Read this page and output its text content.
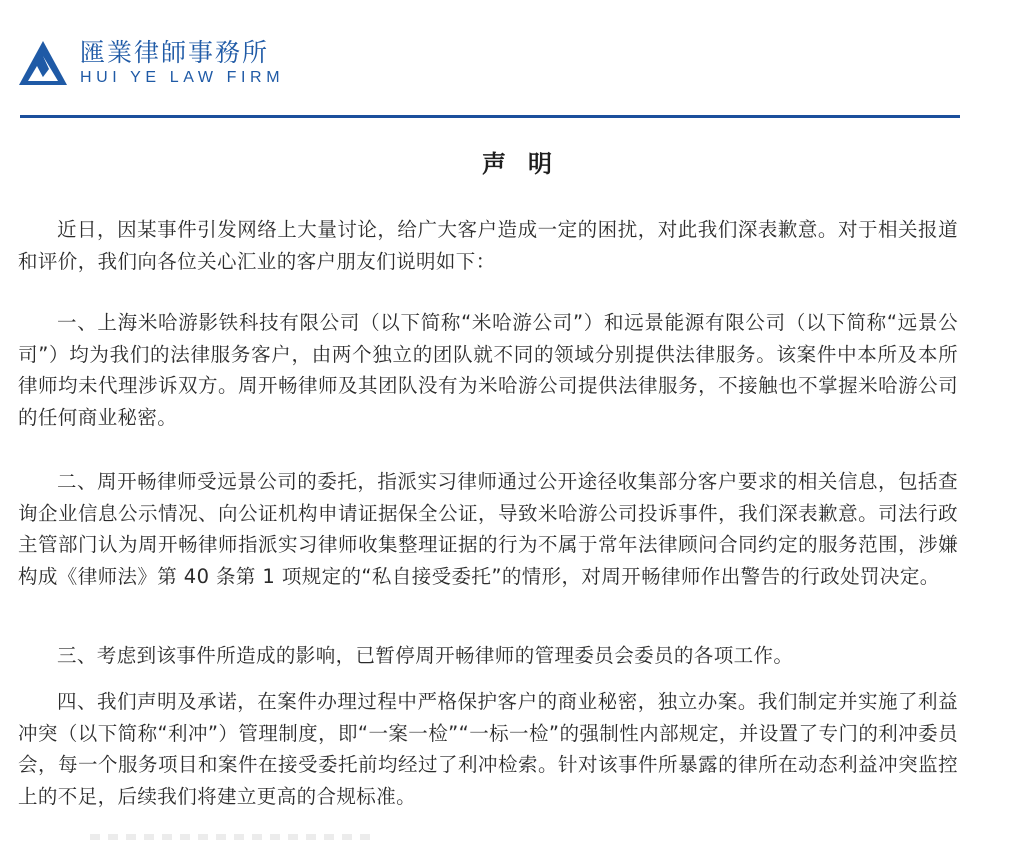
匯業律師事務所
HUI YE LAW FIRM
声明

近日，因某事件引发网络上大量讨论，给广大客户造成一定的困扰，对此我们深表歉意。对于相关报道和评价，我们向各位关心汇业的客户朋友们说明如下：

一、上海米哈游影铁科技有限公司（以下简称“米哈游公司”）和远景能源有限公司（以下简称“远景公司”）均为我们的法律服务客户，由两个独立的团队就不同的领域分别提供法律服务。该案件中本所及本所律师均未代理涉诉双方。周开畅律师及其团队没有为米哈游公司提供法律服务，不接触也不掌握米哈游公司的任何商业秘密。

二、周开畅律师受远景公司的委托，指派实习律师通过公开途径收集部分客户要求的相关信息，包括查询企业信息公示情况、向公证机构申请证据保全公证，导致米哈游公司投诉事件，我们深表歉意。司法行政主管部门认为周开畅律师指派实习律师收集整理证据的行为不属于常年法律顾问合同约定的服务范围，涉嫌构成《律师法》第 40 条第 1 项规定的“私自接受委托”的情形，对周开畅律师作出警告的行政处罚决定。

三、考虑到该事件所造成的影响，已暂停周开畅律师的管理委员会委员的各项工作。

四、我们声明及承诺，在案件办理过程中严格保护客户的商业秘密，独立办案。我们制定并实施了利益冲突（以下简称“利冲”）管理制度，即“一案一检”“一标一检”的强制性内部规定，并设置了专门的利冲委员会，每一个服务项目和案件在接受委托前均经过了利冲检索。针对该事件所暴露的律所在动态利益冲突监控上的不足，后续我们将建立更高的合规标准。
